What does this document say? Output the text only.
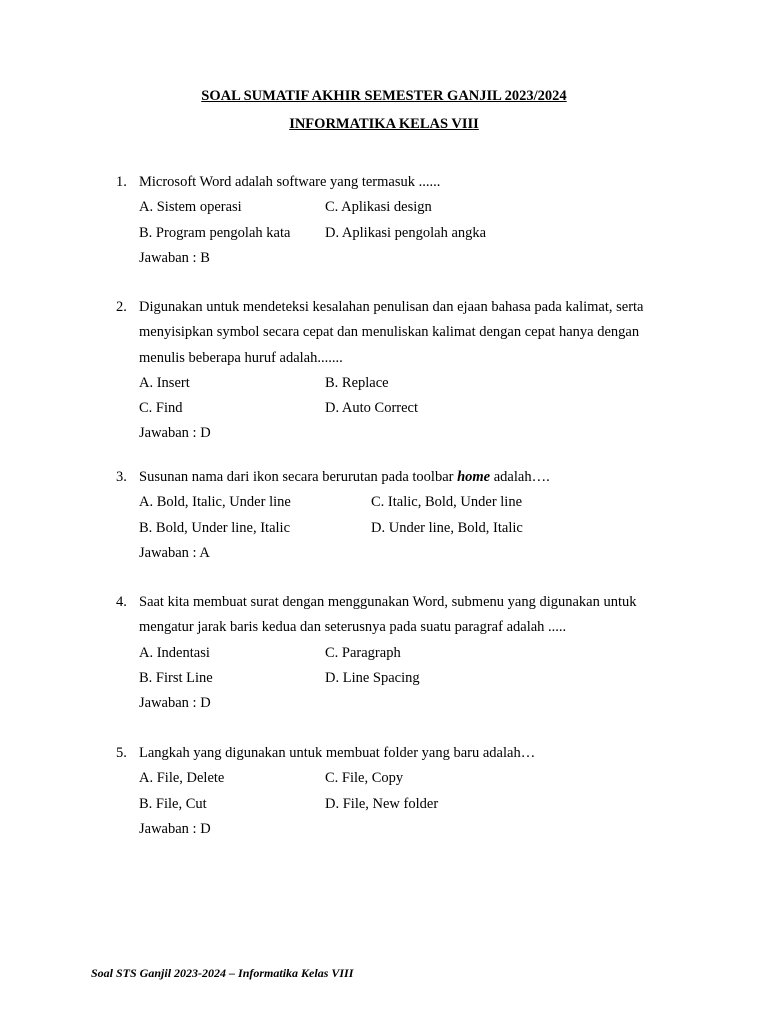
SOAL SUMATIF AKHIR SEMESTER GANJIL 2023/2024
INFORMATIKA KELAS VIII
1. Microsoft Word adalah software yang termasuk ......
A. Sistem operasi	C. Aplikasi design
B. Program pengolah kata D. Aplikasi pengolah angka
Jawaban : B
2. Digunakan untuk mendeteksi kesalahan penulisan dan ejaan bahasa pada kalimat, serta
menyisipkan symbol secara cepat dan menuliskan kalimat dengan cepat hanya dengan
menulis beberapa huruf adalah.......
A. Insert	B. Replace
C. Find	D. Auto Correct
Jawaban : D
3. Susunan nama dari ikon secara berurutan pada toolbar home adalah….
A. Bold, Italic, Under line	C. Italic, Bold, Under line
B. Bold, Under line, Italic	D. Under line, Bold, Italic
Jawaban : A
4. Saat kita membuat surat dengan menggunakan Word, submenu yang digunakan untuk
mengatur jarak baris kedua dan seterusnya pada suatu paragraf adalah .....
A. Indentasi	C. Paragraph
B. First Line	D. Line Spacing
Jawaban : D
5. Langkah yang digunakan untuk membuat folder yang baru adalah…
A. File, Delete	C. File, Copy
B. File, Cut	D. File, New folder
Jawaban : D
Soal STS Ganjil 2023-2024 – Informatika Kelas VIII
